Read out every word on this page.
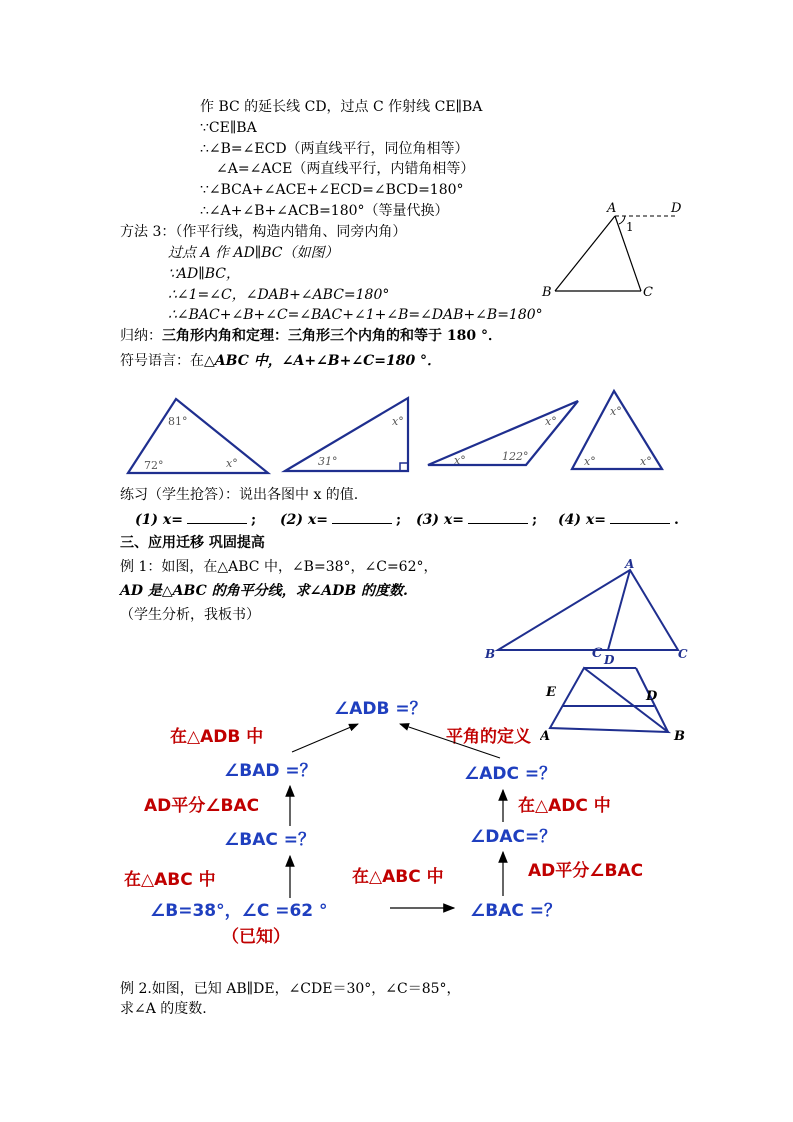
作 BC 的延长线 CD，过点 C 作射线 CE∥BA
∵CE∥BA
∴∠B=∠ECD（两直线平行，同位角相等）
∠A=∠ACE（两直线平行，内错角相等）
∵∠BCA+∠ACE+∠ECD=∠BCD=180°
∴∠A+∠B+∠ACB=180°（等量代换）
方法 3：（作平行线，构造内错角、同旁内角）
过点 A 作 AD∥BC（如图）
∵AD∥BC，
∴∠1=∠C，∠DAB+∠ABC=180°
∴∠BAC+∠B+∠C=∠BAC+∠1+∠B=∠DAB+∠B=180°
A	D
1
B	C
归纳：三角形内角和定理：三角形三个内角的和等于 180 °．
符号语言：在△ABC 中，∠A+∠B+∠C=180 °．
81°
72°	x°
x°
31°
x°
122°
x°
x°
x°	x°
练习（学生抢答）：说出各图中 x 的值.
(1) x=	; (2) x=	; (3) x=	; (4) x=	.
三、应用迁移 巩固提高
例 1：如图，在△ABC 中，∠B=38°，∠C=62°，
AD 是△ABC 的角平分线，求∠ADB 的度数.
（学生分析，我板书）
A
B	C D	C
E	D
A	B
∠ADB =？
在△ADB 中	平角的定义
∠BAD =？	∠ADC =？
AD平分∠BAC	在△ADC 中
∠BAC =？	∠DAC=？
在△ABC 中	在△ABC 中	AD平分∠BAC
∠B=38°，∠C =62 °
（已知）
∠BAC =？
例 2.如图，已知 AB∥DE，∠CDE＝30°，∠C＝85°，
求∠A 的度数.
